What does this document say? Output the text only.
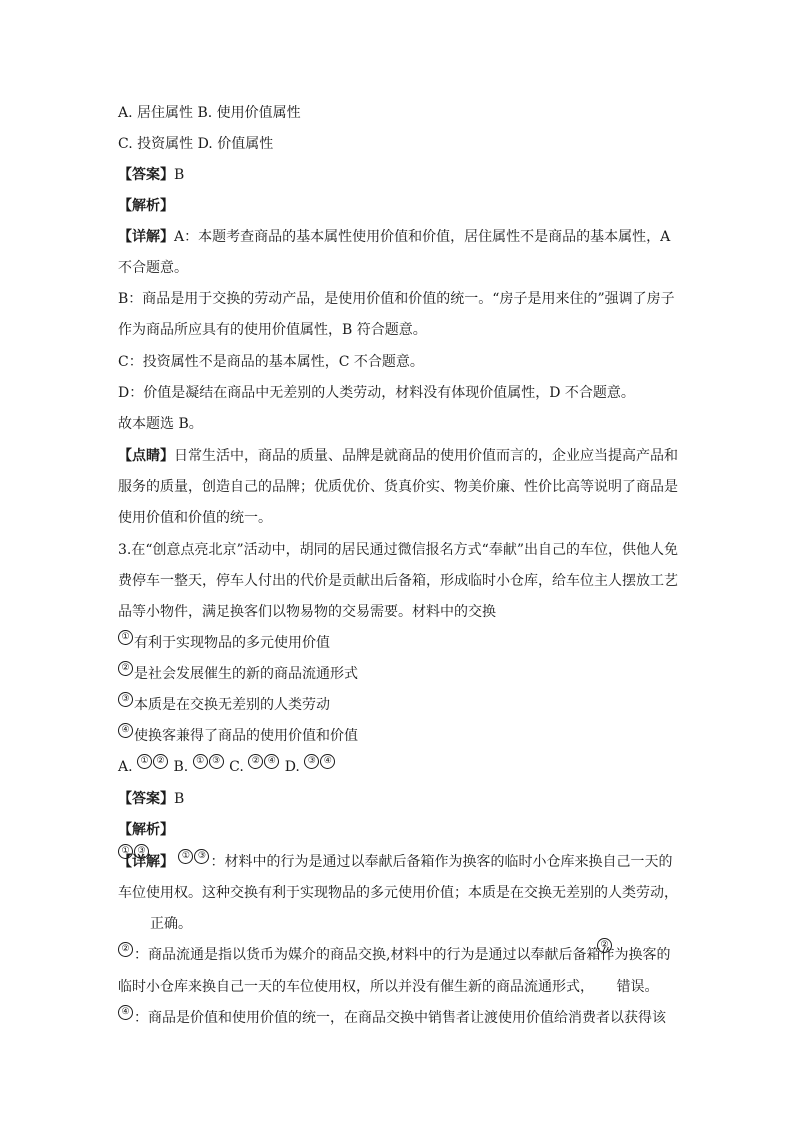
A. 居住属性 B. 使用价值属性
C. 投资属性 D. 价值属性
【答案】B
【解析】
【详解】A：本题考查商品的基本属性使用价值和价值，居住属性不是商品的基本属性，A
不合题意。
B：商品是用于交换的劳动产品，是使用价值和价值的统一。“房子是用来住的”强调了房子
作为商品所应具有的使用价值属性，B 符合题意。
C：投资属性不是商品的基本属性，C 不合题意。
D：价值是凝结在商品中无差别的人类劳动，材料没有体现价值属性，D 不合题意。
故本题选 B。
【点睛】日常生活中，商品的质量、品牌是就商品的使用价值而言的，企业应当提高产品和
服务的质量，创造自己的品牌；优质优价、货真价实、物美价廉、性价比高等说明了商品是
使用价值和价值的统一。
3.在“创意点亮北京”活动中，胡同的居民通过微信报名方式“奉献”出自己的车位，供他人免
费停车一整天，停车人付出的代价是贡献出后备箱，形成临时小仓库，给车位主人摆放工艺
品等小物件，满足换客们以物易物的交易需要。材料中的交换
① 有利于实现物品的多元使用价值
② 是社会发展催生的新的商品流通形式
③ 本质是在交换无差别的人类劳动
④ 使换客兼得了商品的使用价值和价值
A. ① ② B. ① ③ C. ② ④ D. ③ ④
【答案】B
【解析】
① ③
【详解】 ① ③ ：材料中的行为是通过以奉献后备箱作为换客的临时小仓库来换自己一天的
车位使用权。这种交换有利于实现物品的多元使用价值；本质是在交换无差别的人类劳动，
正确。
② ：商品流通是指以货币为媒介的商品交换,材料中的行为是通过以奉献后备箱作为换客的
②
临时小仓库来换自己一天的车位使用权，所以并没有催生新的商品流通形式， 错误。
④ ：商品是价值和使用价值的统一，在商品交换中销售者让渡使用价值给消费者以获得该
